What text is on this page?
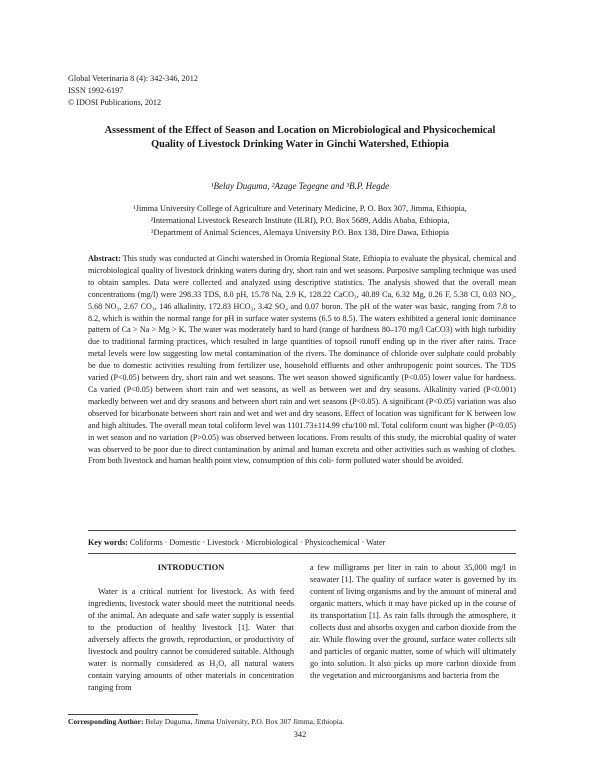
Global Veterinaria 8 (4): 342-346, 2012
ISSN 1992-6197
© IDOSI Publications, 2012
Assessment of the Effect of Season and Location on Microbiological and Physicochemical Quality of Livestock Drinking Water in Ginchi Watershed, Ethiopia
¹Belay Duguma, ²Azage Tegegne and ³B.P. Hegde
¹Jimma University College of Agriculture and Veterinary Medicine, P. O. Box 307, Jimma, Ethiopia,
²International Livestock Research Institute (ILRI), P.O. Box 5689, Addis Ababa, Ethiopia,
³Department of Animal Sciences, Alemaya University P.O. Box 138, Dire Dawa, Ethiopia
Abstract: This study was conducted at Ginchi watershed in Oromia Regional State, Ethiopia to evaluate the physical, chemical and microbiological quality of livestock drinking waters during dry, short rain and wet seasons. Purposive sampling technique was used to obtain samples. Data were collected and analyzed using descriptive statistics. The analysis showed that the overall mean concentrations (mg/l) were 298.33 TDS, 8.0 pH, 15.78 Na, 2.9 K, 128.22 CaCO₃, 40.89 Ca, 6.32 Mg, 0.26 F, 5.38 Cl, 0.03 NO₂, 5.68 NO₃, 2.67 CO₃, 146 alkalinity, 172.83 HCO₃, 3.42 SO₄ and 0.07 boron. The pH of the water was basic, ranging from 7.8 to 8.2, which is within the normal range for pH in surface water systems (6.5 to 8.5). The waters exhibited a general ionic dominance pattern of Ca > Na > Mg > K. The water was moderately hard to hard (range of hardness 80–170 mg/l CaCO3) with high turbidity due to traditional farming practices, which resulted in large quantities of topsoil runoff ending up in the river after rains. Trace metal levels were low suggesting low metal contamination of the rivers. The dominance of chloride over sulphate could probably be due to domestic activities resulting from fertilizer use, household effluents and other anthropogenic point sources. The TDS varied (P<0.05) between dry, short rain and wet seasons. The wet season showed significantly (P<0.05) lower value for hardness. Ca varied (P<0.05) between short rain and wet seasons, as well as between wet and dry seasons. Alkalinity varied (P<0.001) markedly between wet and dry seasons and between short rain and wet seasons (P<0.05). A significant (P<0.05) variation was also observed for bicarbonate between short rain and wet and wet and dry seasons. Effect of location was significant for K between low and high altitudes. The overall mean total coliform level was 1101.73±114.99 cfu/100 ml. Total coliform count was higher (P<0.05) in wet season and no variation (P>0.05) was observed between locations. From results of this study, the microbial quality of water was observed to be poor due to direct contamination by animal and human excreta and other activities such as washing of clothes. From both livestock and human health point view, consumption of this coli- form polluted water should be avoided.
Key words: Coliforms · Domestic · Livestock · Microbiological · Physicochemical · Water
INTRODUCTION
Water is a critical nutrient for livestock. As with feed ingredients, livestock water should meet the nutritional needs of the animal. An adequate and safe water supply is essential to the production of healthy livestock [1]. Water that adversely affects the growth, reproduction, or productivity of livestock and poultry cannot be considered suitable. Although water is normally considered as H₂O, all natural waters contain varying amounts of other materials in concentration ranging from
a few milligrams per liter in rain to about 35,000 mg/l in seawater [1]. The quality of surface water is governed by its content of living organisms and by the amount of mineral and organic matters, which it may have picked up in the course of its transportation [1]. As rain falls through the atmosphere, it collects dust and absorbs oxygen and carbon dioxide from the air. While flowing over the ground, surface water collects silt and particles of organic matter, some of which will ultimately go into solution. It also picks up more carbon dioxide from the vegetation and microorganisms and bacteria from the
Corresponding Author: Belay Duguma, Jimma University, P.O. Box 307 Jimma, Ethiopia.
342
